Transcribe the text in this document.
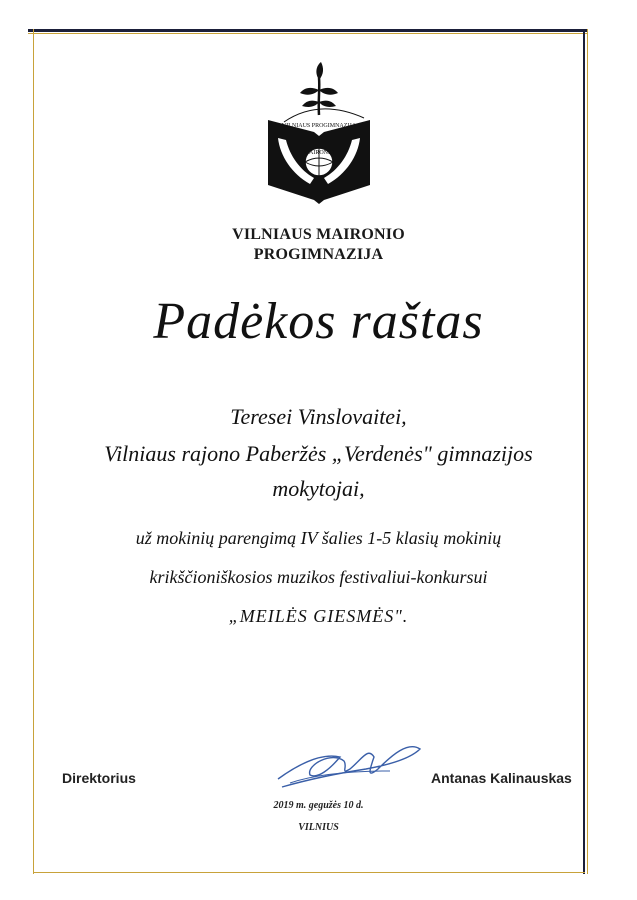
VILNIAUS PROGIMNAZIJA
MAIRONIO
VILNIAUS MAIRONIO
PROGIMNAZIJA
Padėkos raštas
Teresei Vinslovaitei,
Vilniaus rajono Paberžės „Verdenės" gimnazijos
mokytojai,
už mokinių parengimą IV šalies 1-5 klasių mokinių
krikščioniškosios muzikos festivaliui-konkursui
„MEILĖS GIESMĖS".
Direktorius	Antanas Kalinauskas
2019 m. gegužės 10 d.
VILNIUS
